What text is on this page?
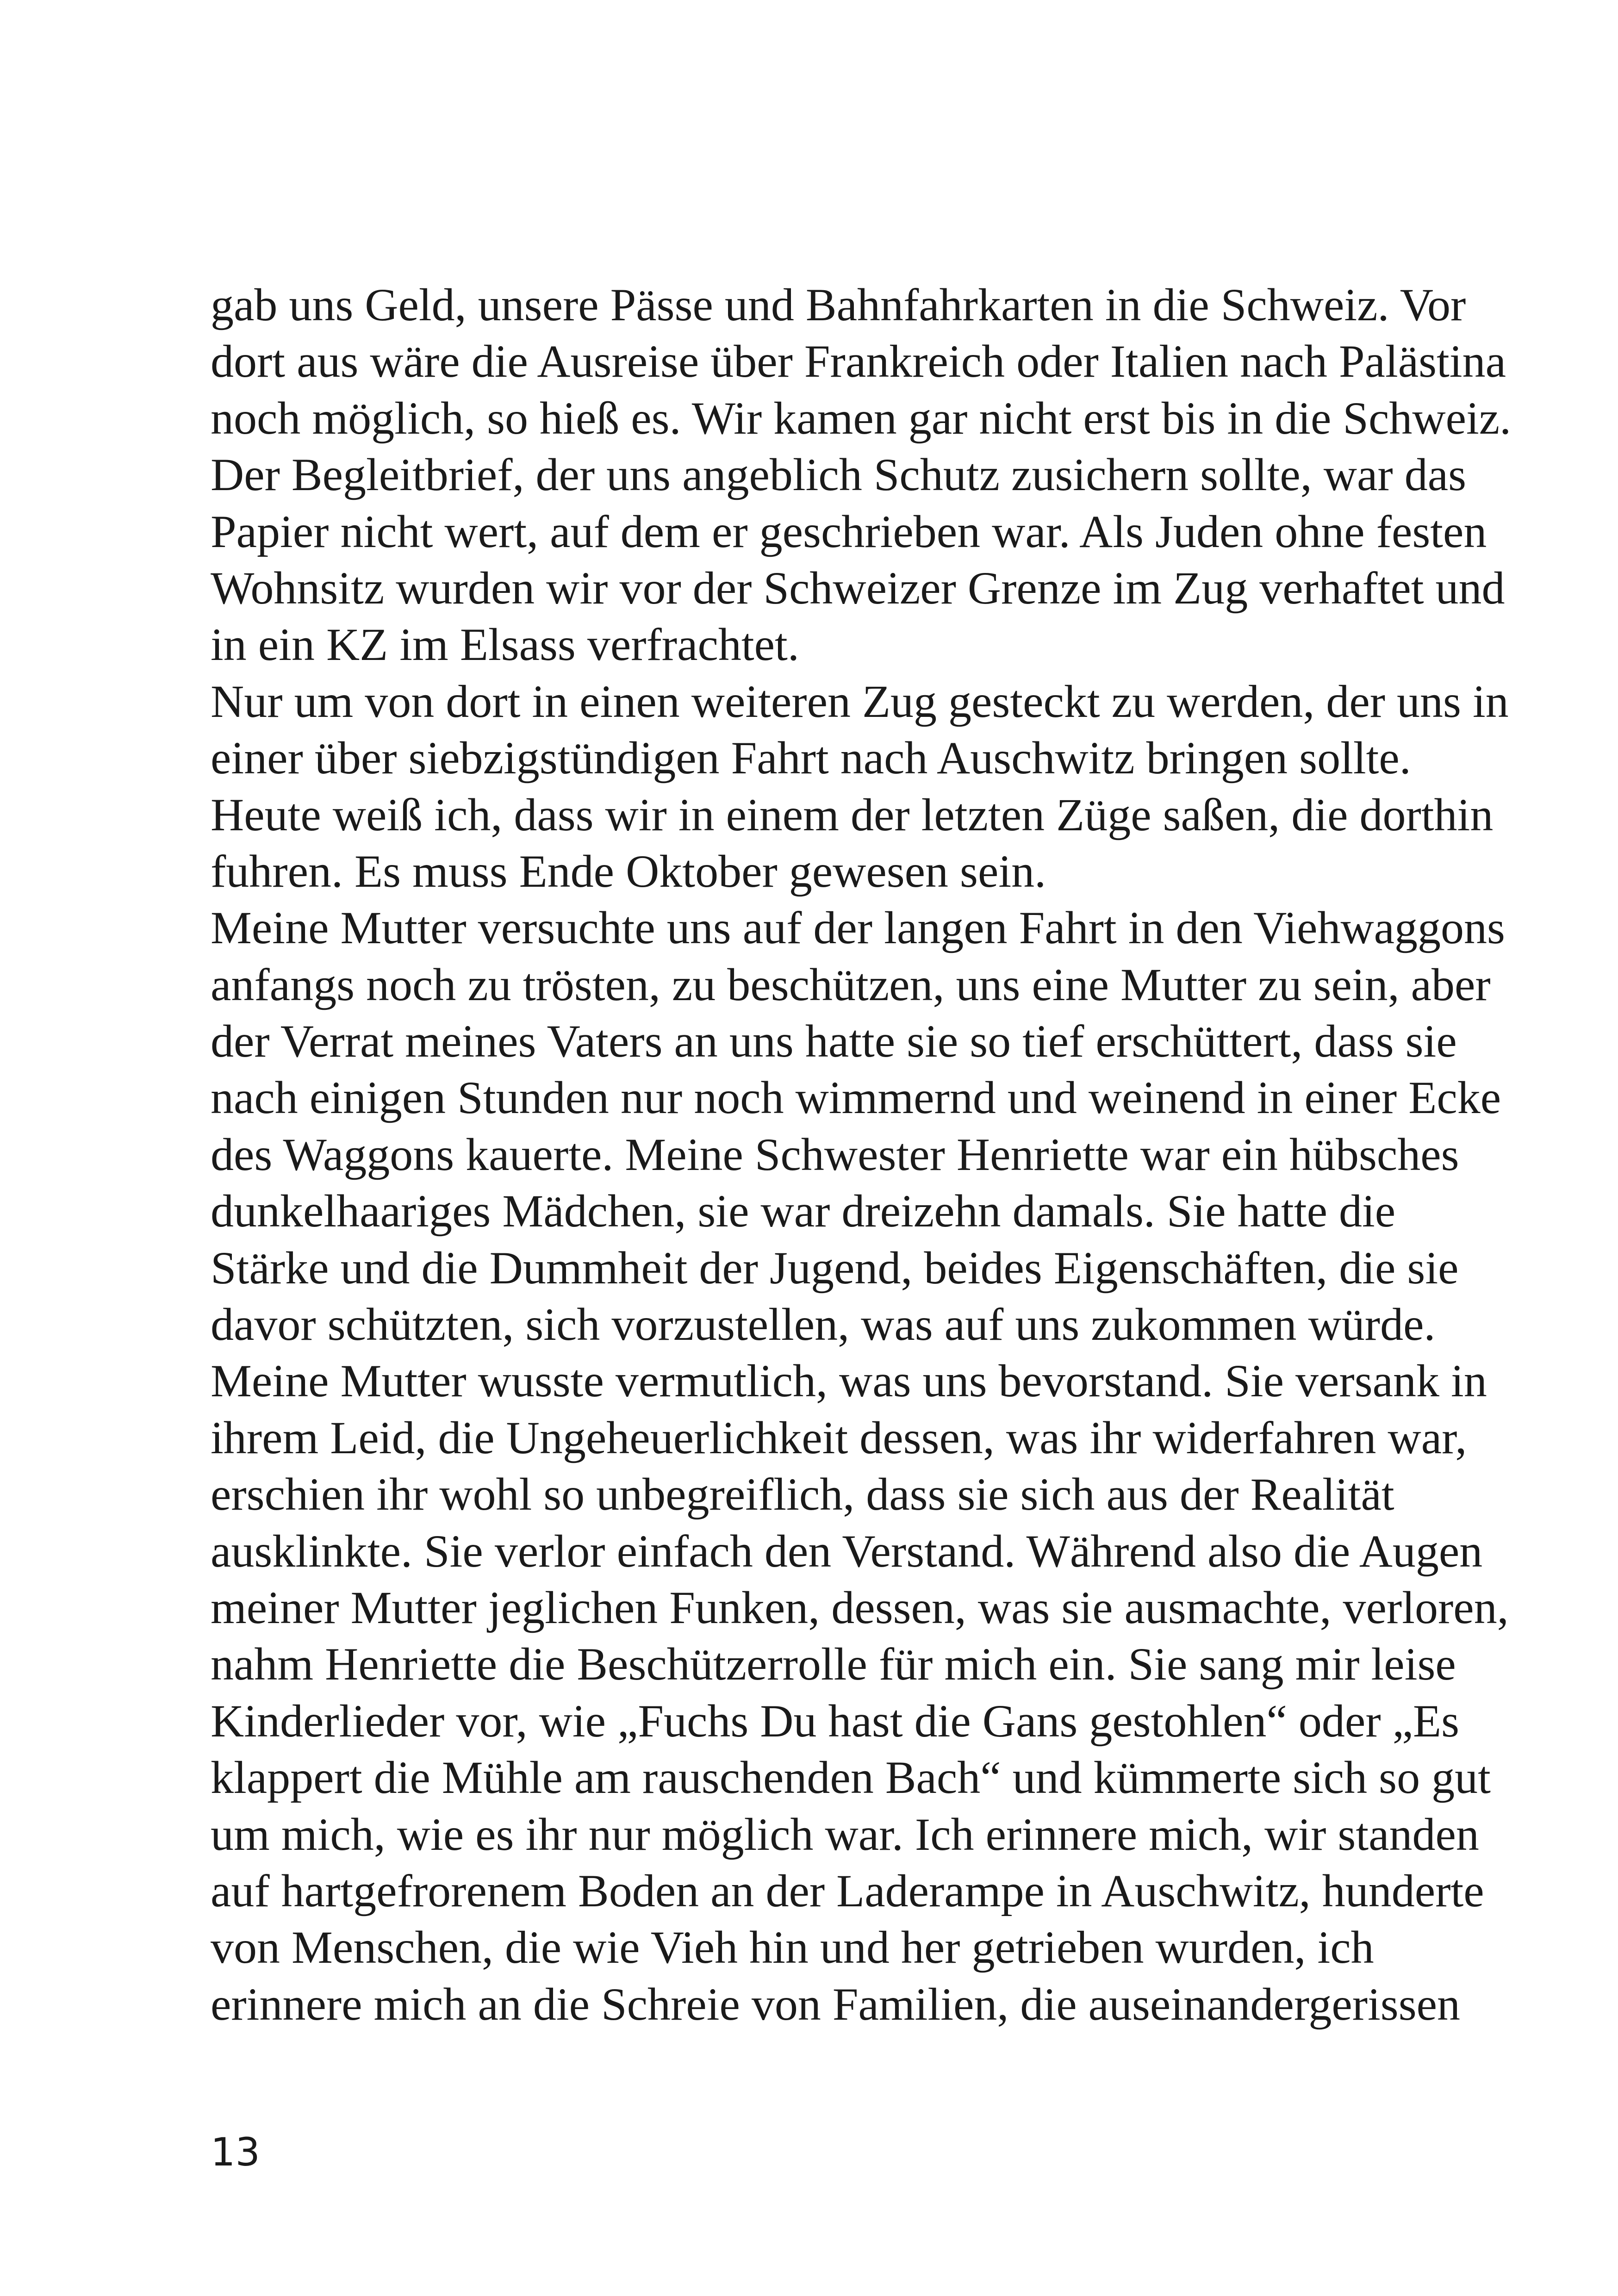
gab uns Geld, unsere Pässe und Bahnfahrkarten in die Schweiz. Vor
dort aus wäre die Ausreise über Frankreich oder Italien nach Palästina
noch möglich, so hieß es. Wir kamen gar nicht erst bis in die Schweiz.
Der Begleitbrief, der uns angeblich Schutz zusichern sollte, war das
Papier nicht wert, auf dem er geschrieben war. Als Juden ohne festen
Wohnsitz wurden wir vor der Schweizer Grenze im Zug verhaftet und
in ein KZ im Elsass verfrachtet.
Nur um von dort in einen weiteren Zug gesteckt zu werden, der uns in
einer über siebzigstündigen Fahrt nach Auschwitz bringen sollte.
Heute weiß ich, dass wir in einem der letzten Züge saßen, die dorthin
fuhren. Es muss Ende Oktober gewesen sein.
Meine Mutter versuchte uns auf der langen Fahrt in den Viehwaggons
anfangs noch zu trösten, zu beschützen, uns eine Mutter zu sein, aber
der Verrat meines Vaters an uns hatte sie so tief erschüttert, dass sie
nach einigen Stunden nur noch wimmernd und weinend in einer Ecke
des Waggons kauerte. Meine Schwester Henriette war ein hübsches
dunkelhaariges Mädchen, sie war dreizehn damals. Sie hatte die
Stärke und die Dummheit der Jugend, beides Eigenschäften, die sie
davor schützten, sich vorzustellen, was auf uns zukommen würde.
Meine Mutter wusste vermutlich, was uns bevorstand. Sie versank in
ihrem Leid, die Ungeheuerlichkeit dessen, was ihr widerfahren war,
erschien ihr wohl so unbegreiflich, dass sie sich aus der Realität
ausklinkte. Sie verlor einfach den Verstand. Während also die Augen
meiner Mutter jeglichen Funken, dessen, was sie ausmachte, verloren,
nahm Henriette die Beschützerrolle für mich ein. Sie sang mir leise
Kinderlieder vor, wie „Fuchs Du hast die Gans gestohlen“ oder „Es
klappert die Mühle am rauschenden Bach“ und kümmerte sich so gut
um mich, wie es ihr nur möglich war. Ich erinnere mich, wir standen
auf hartgefrorenem Boden an der Laderampe in Auschwitz, hunderte
von Menschen, die wie Vieh hin und her getrieben wurden, ich
erinnere mich an die Schreie von Familien, die auseinandergerissen
13
